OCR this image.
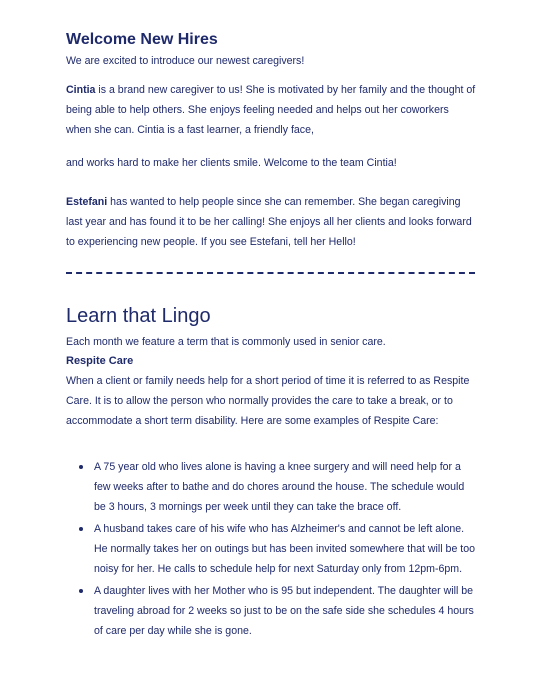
Welcome New Hires

We are excited to introduce our newest caregivers!

Cintia is a brand new caregiver to us! She is motivated by her family and the thought of being able to help others. She enjoys feeling needed and helps out her coworkers when she can. Cintia is a fast learner, a friendly face,

and works hard to make her clients smile. Welcome to the team Cintia!

Estefani has wanted to help people since she can remember. She began caregiving last year and has found it to be her calling! She enjoys all her clients and looks forward to experiencing new people. If you see Estefani, tell her Hello!

Learn that Lingo

Each month we feature a term that is commonly used in senior care.

Respite Care

When a client or family needs help for a short period of time it is referred to as Respite Care. It is to allow the person who normally provides the care to take a break, or to accommodate a short term disability. Here are some examples of Respite Care:

A 75 year old who lives alone is having a knee surgery and will need help for a few weeks after to bathe and do chores around the house. The schedule would be 3 hours, 3 mornings per week until they can take the brace off.
A husband takes care of his wife who has Alzheimer's and cannot be left alone. He normally takes her on outings but has been invited somewhere that will be too noisy for her. He calls to schedule help for next Saturday only from 12pm-6pm.
A daughter lives with her Mother who is 95 but independent. The daughter will be traveling abroad for 2 weeks so just to be on the safe side she schedules 4 hours of care per day while she is gone.
